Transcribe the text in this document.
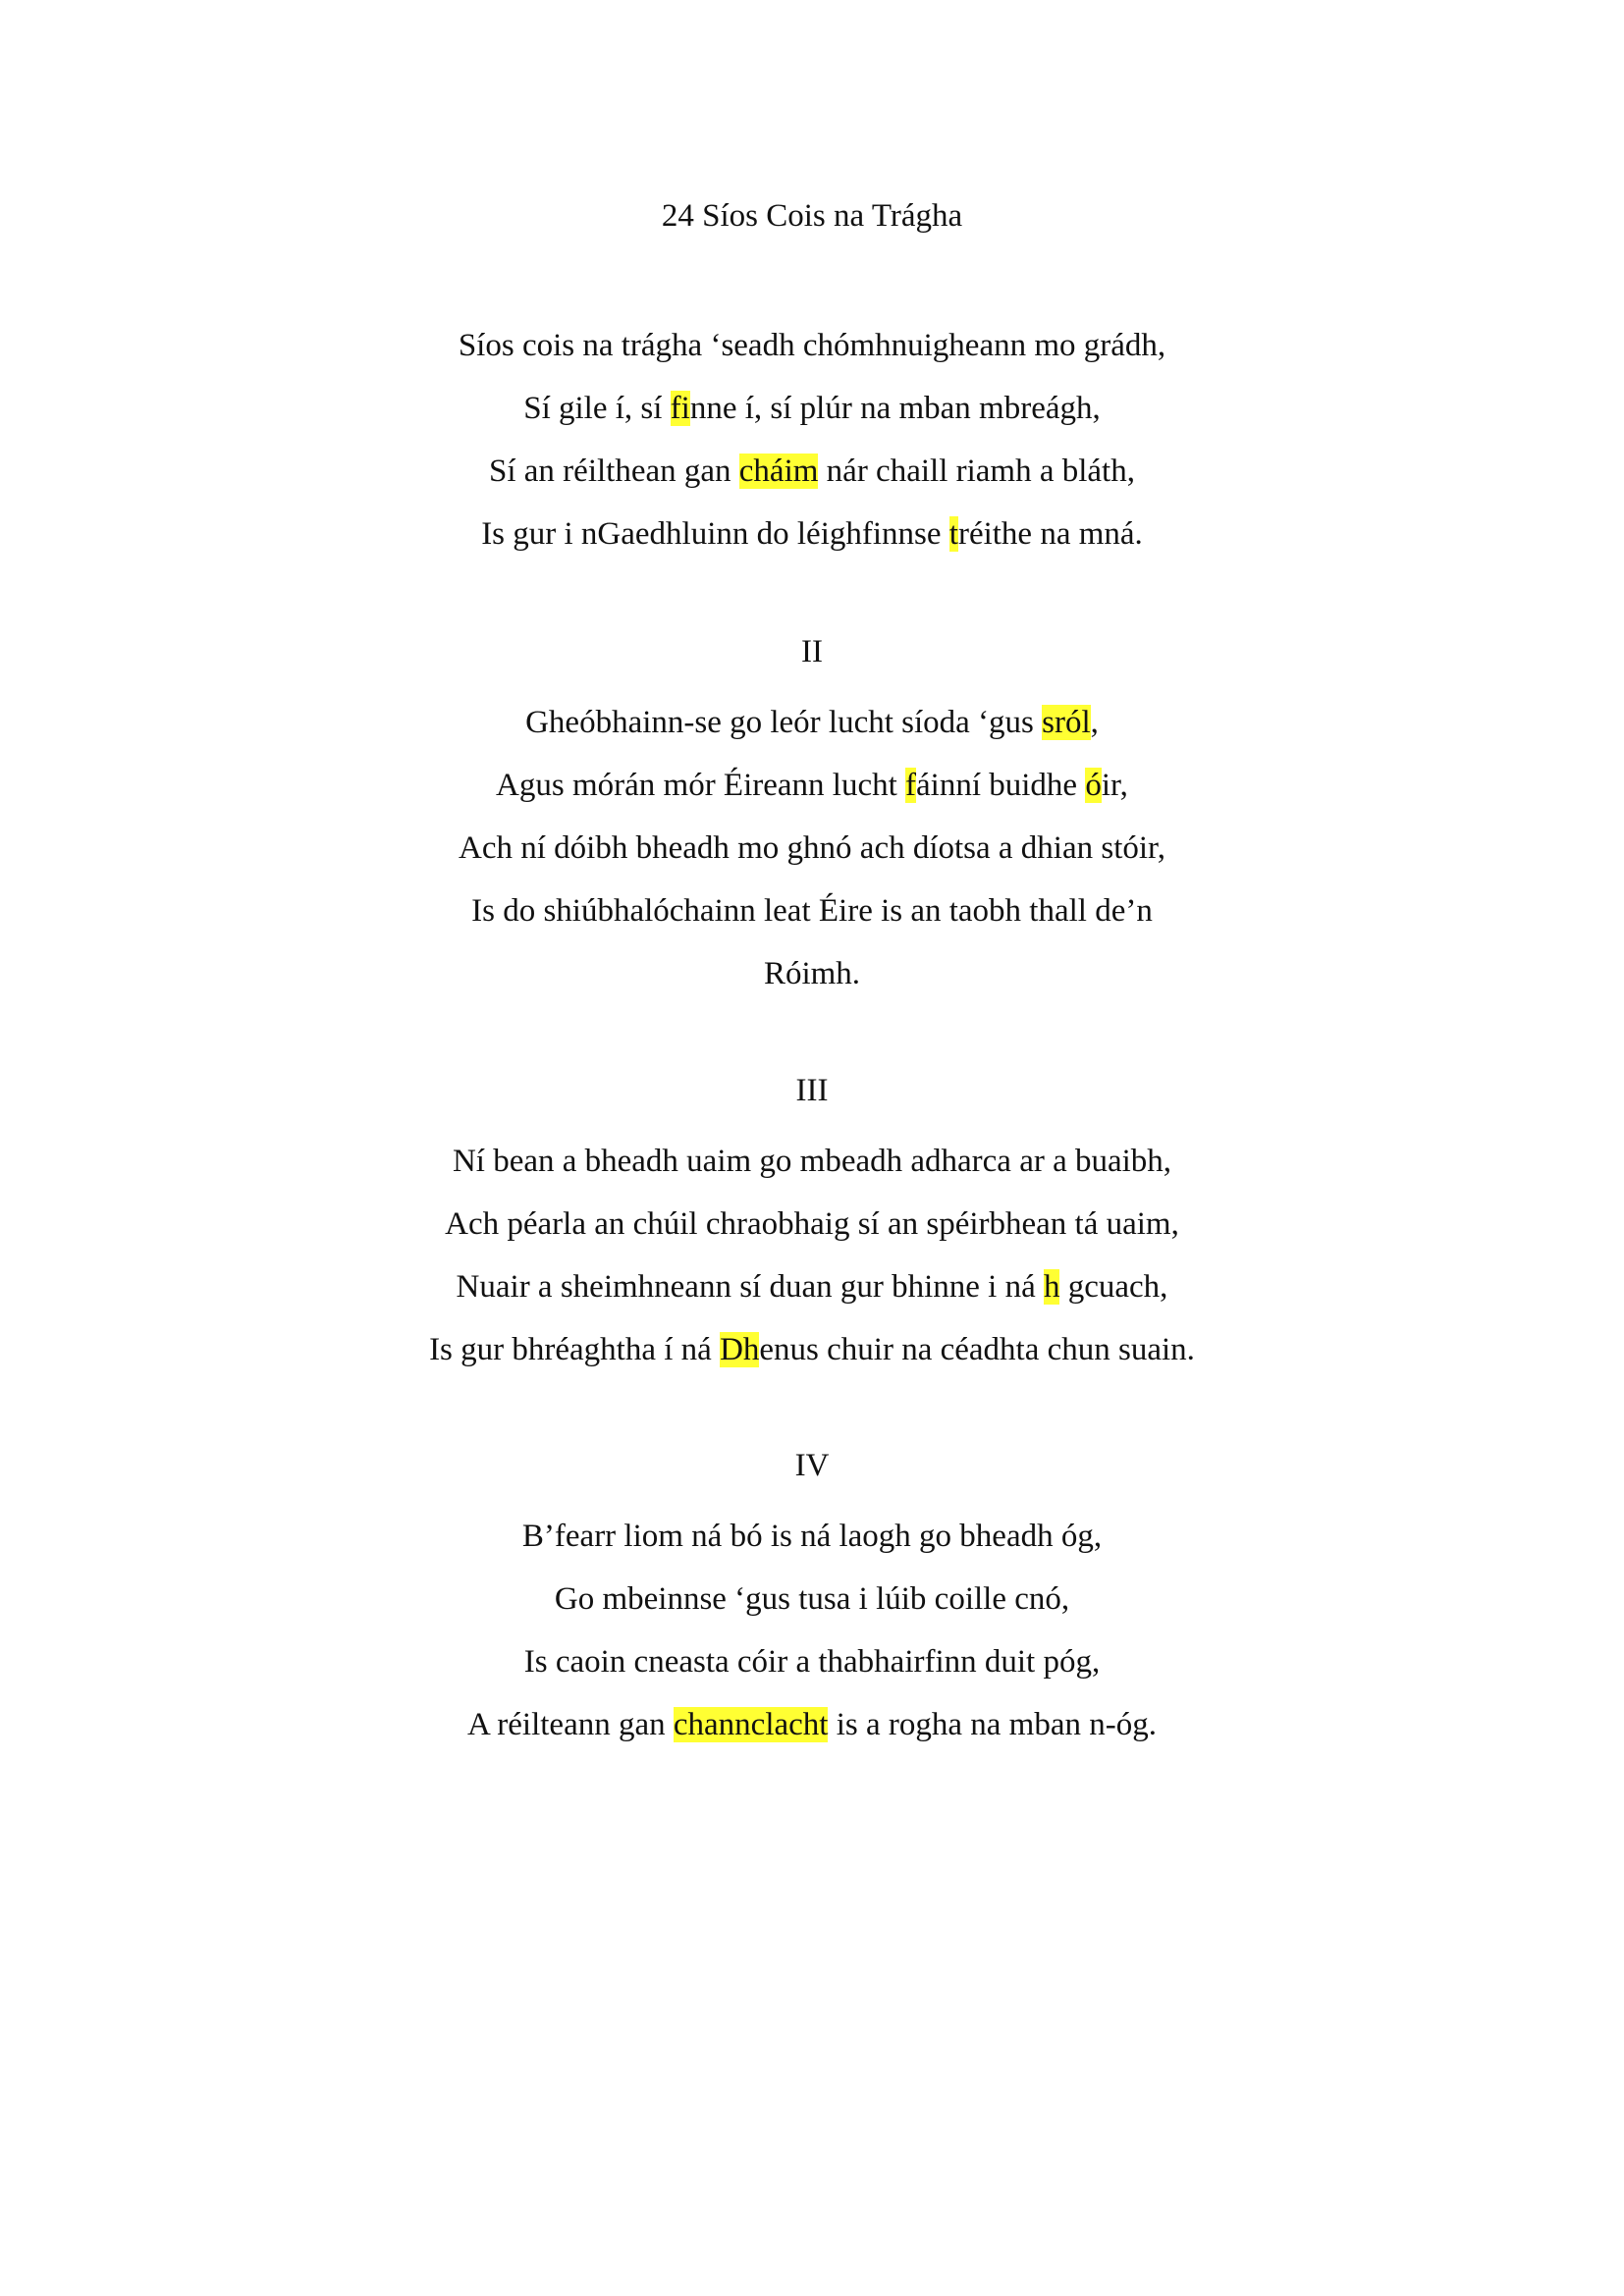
24 Síos Cois na Trágha
Síos cois na trágha ‘seadh chómhnuigheann mo grádh,
Sí gile í, sí finne í, sí plúr na mban mbreágh,
Sí an réilthean gan cháim nár chaill riamh a bláth,
Is gur i nGaedhluinn do léighfinnse tréithe na mná.
II
Gheóbhainn-se go leór lucht síoda ‘gus sról,
Agus mórán mór Éireann lucht fáinní buidhe óir,
Ach ní dóibh bheadh mo ghnó ach díotsa a dhian stóir,
Is do shiúbhalóchainn leat Éire is an taobh thall de’n
Róimh.
III
Ní bean a bheadh uaim go mbeadh adharca ar a buaibh,
Ach péarla an chúil chraobhaig sí an spéirbhean tá uaim,
Nuair a sheimhneann sí duan gur bhinne i ná h gcuach,
Is gur bhréaghtha í ná Dhenus chuir na céadhta chun suain.
IV
B’fearr liom ná bó is ná laogh go bheadh óg,
Go mbeinnse ‘gus tusa i lúib coille cnó,
Is caoin cneasta cóir a thabhairfinn duit póg,
A réilteann gan channclacht is a rogha na mban n-óg.
